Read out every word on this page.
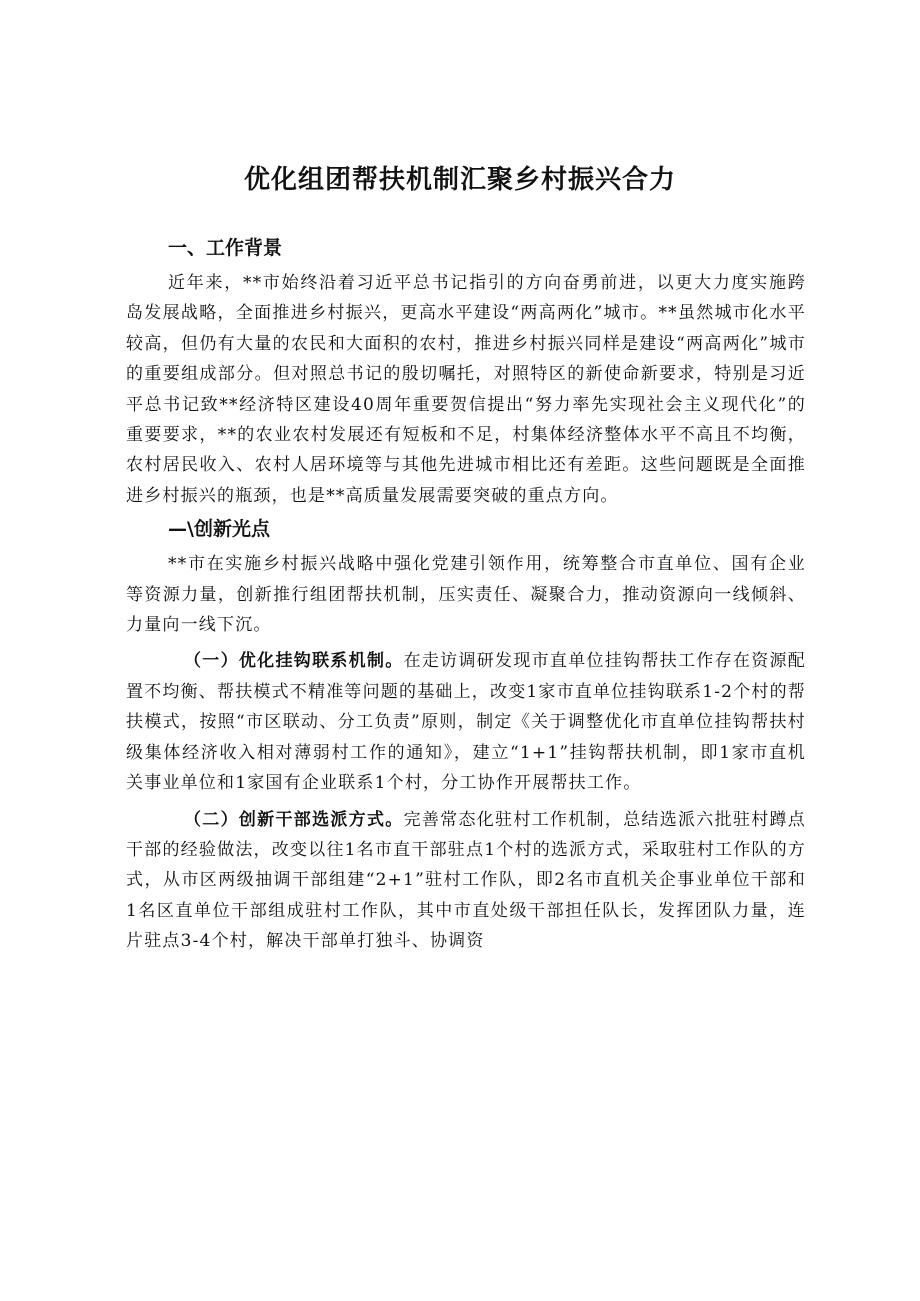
优化组团帮扶机制汇聚乡村振兴合力
一、工作背景

近年来，**市始终沿着习近平总书记指引的方向奋勇前进，以更大力度实施跨岛发展战略，全面推进乡村振兴，更高水平建设“两高两化”城市。**虽然城市化水平较高，但仍有大量的农民和大面积的农村，推进乡村振兴同样是建设“两高两化”城市的重要组成部分。但对照总书记的殷切嘱托，对照特区的新使命新要求，特别是习近平总书记致**经济特区建设40周年重要贺信提出“努力率先实现社会主义现代化”的重要要求，**的农业农村发展还有短板和不足，村集体经济整体水平不高且不均衡，农村居民收入、农村人居环境等与其他先进城市相比还有差距。这些问题既是全面推进乡村振兴的瓶颈，也是**高质量发展需要突破的重点方向。

—\创新光点

**市在实施乡村振兴战略中强化党建引领作用，统筹整合市直单位、国有企业等资源力量，创新推行组团帮扶机制，压实责任、凝聚合力，推动资源向一线倾斜、力量向一线下沉。

（一）优化挂钩联系机制。在走访调研发现市直单位挂钩帮扶工作存在资源配置不均衡、帮扶模式不精准等问题的基础上，改变1家市直单位挂钩联系1-2个村的帮扶模式，按照“市区联动、分工负责”原则，制定《关于调整优化市直单位挂钩帮扶村级集体经济收入相对薄弱村工作的通知》，建立“1+1”挂钩帮扶机制，即1家市直机关事业单位和1家国有企业联系1个村，分工协作开展帮扶工作。

（二）创新干部选派方式。完善常态化驻村工作机制，总结选派六批驻村蹲点干部的经验做法，改变以往1名市直干部驻点1个村的选派方式，采取驻村工作队的方式，从市区两级抽调干部组建“2+1”驻村工作队，即2名市直机关企事业单位干部和1名区直单位干部组成驻村工作队，其中市直处级干部担任队长，发挥团队力量，连片驻点3-4个村，解决干部单打独斗、协调资
